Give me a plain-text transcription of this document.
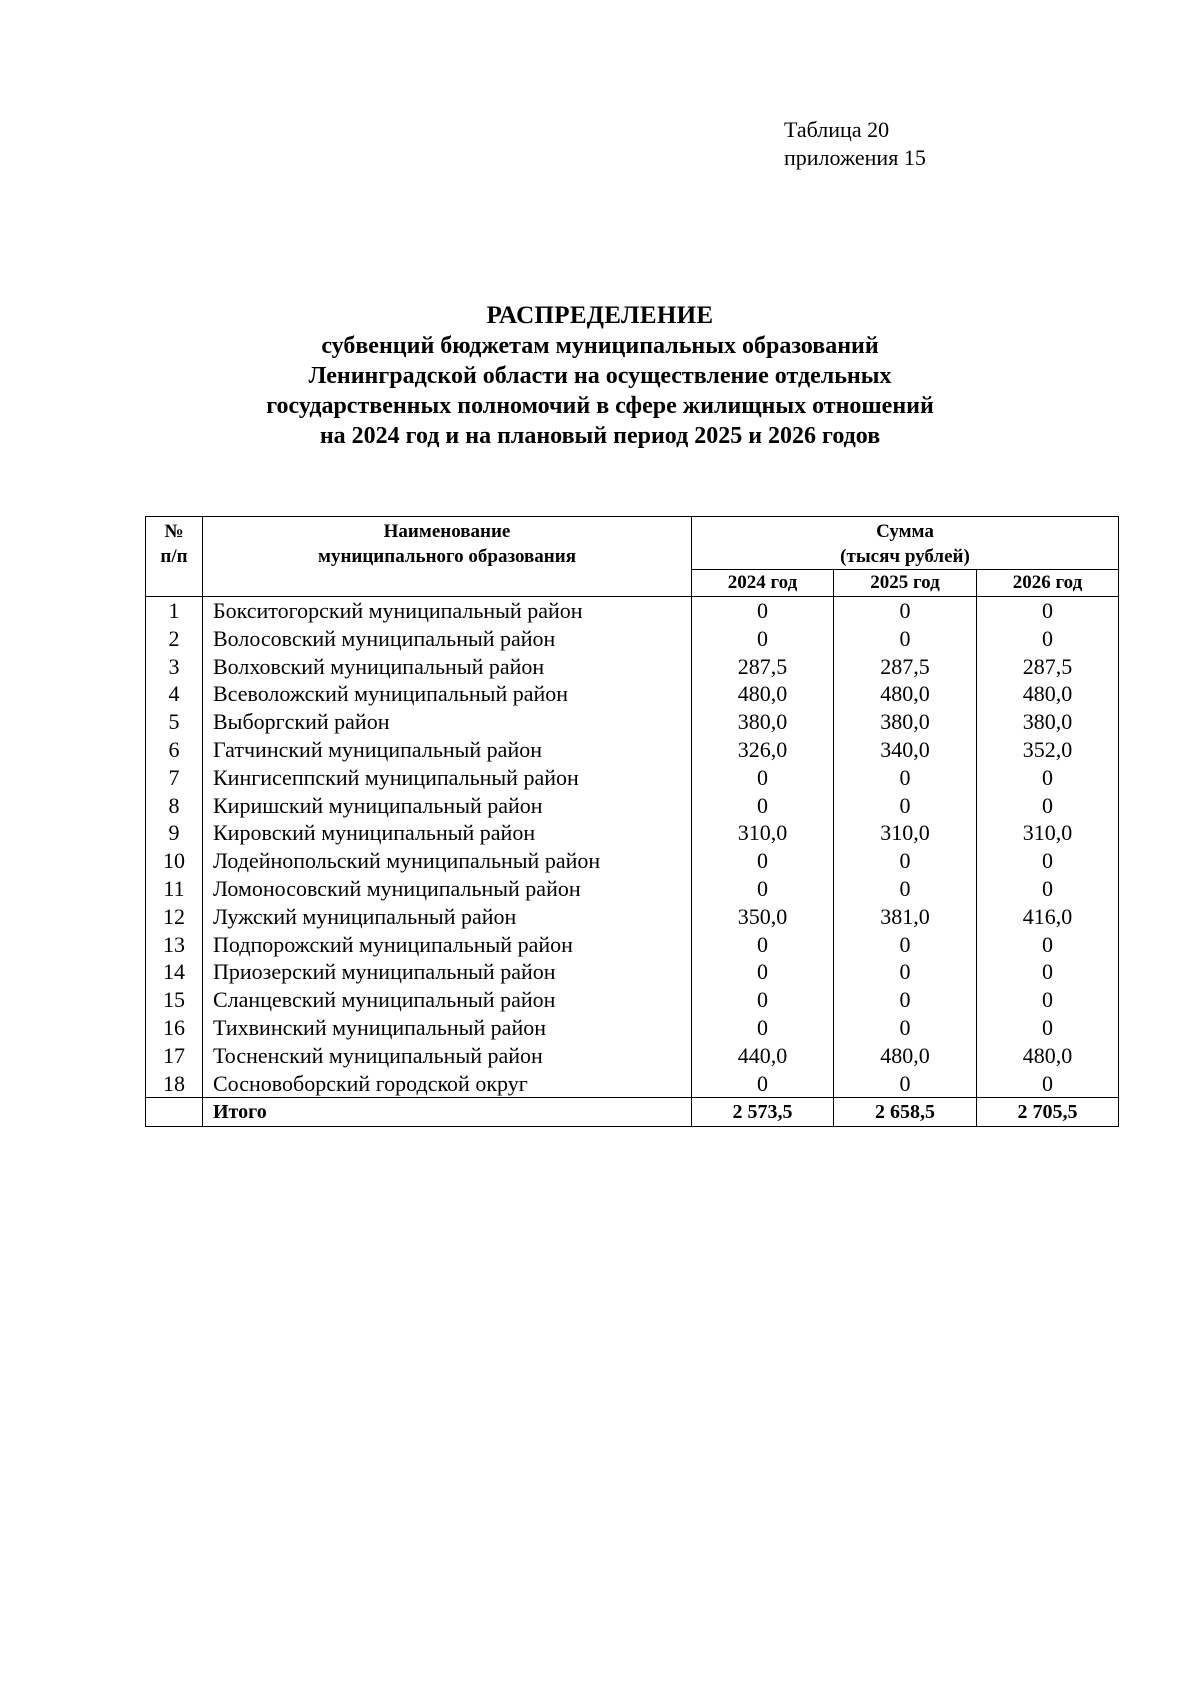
Таблица 20
приложения 15
РАСПРЕДЕЛЕНИЕ
субвенций бюджетам муниципальных образований
Ленинградской области на осуществление отдельных
государственных полномочий в сфере жилищных отношений
на 2024 год и на плановый период 2025 и 2026 годов
№
п/п	Наименование
муниципального образования	Сумма
(тысяч рублей)		

		2024 год	2025 год	2026 год
1	Бокситогорский муниципальный район	0	0	0
2	Волосовский муниципальный район	0	0	0
3	Волховский муниципальный район	287,5	287,5	287,5
4	Всеволожский муниципальный район	480,0	480,0	480,0
5	Выборгский район	380,0	380,0	380,0
6	Гатчинский муниципальный район	326,0	340,0	352,0
7	Кингисеппский муниципальный район	0	0	0
8	Киришский муниципальный район	0	0	0
9	Кировский муниципальный район	310,0	310,0	310,0
10	Лодейнопольский муниципальный район	0	0	0
11	Ломоносовский муниципальный район	0	0	0
12	Лужский муниципальный район	350,0	381,0	416,0
13	Подпорожский муниципальный район	0	0	0
14	Приозерский муниципальный район	0	0	0
15	Сланцевский муниципальный район	0	0	0
16	Тихвинский муниципальный район	0	0	0
17	Тосненский муниципальный район	440,0	480,0	480,0
18	Сосновоборский городской округ	0	0	0
	Итого	2 573,5	2 658,5	2 705,5
